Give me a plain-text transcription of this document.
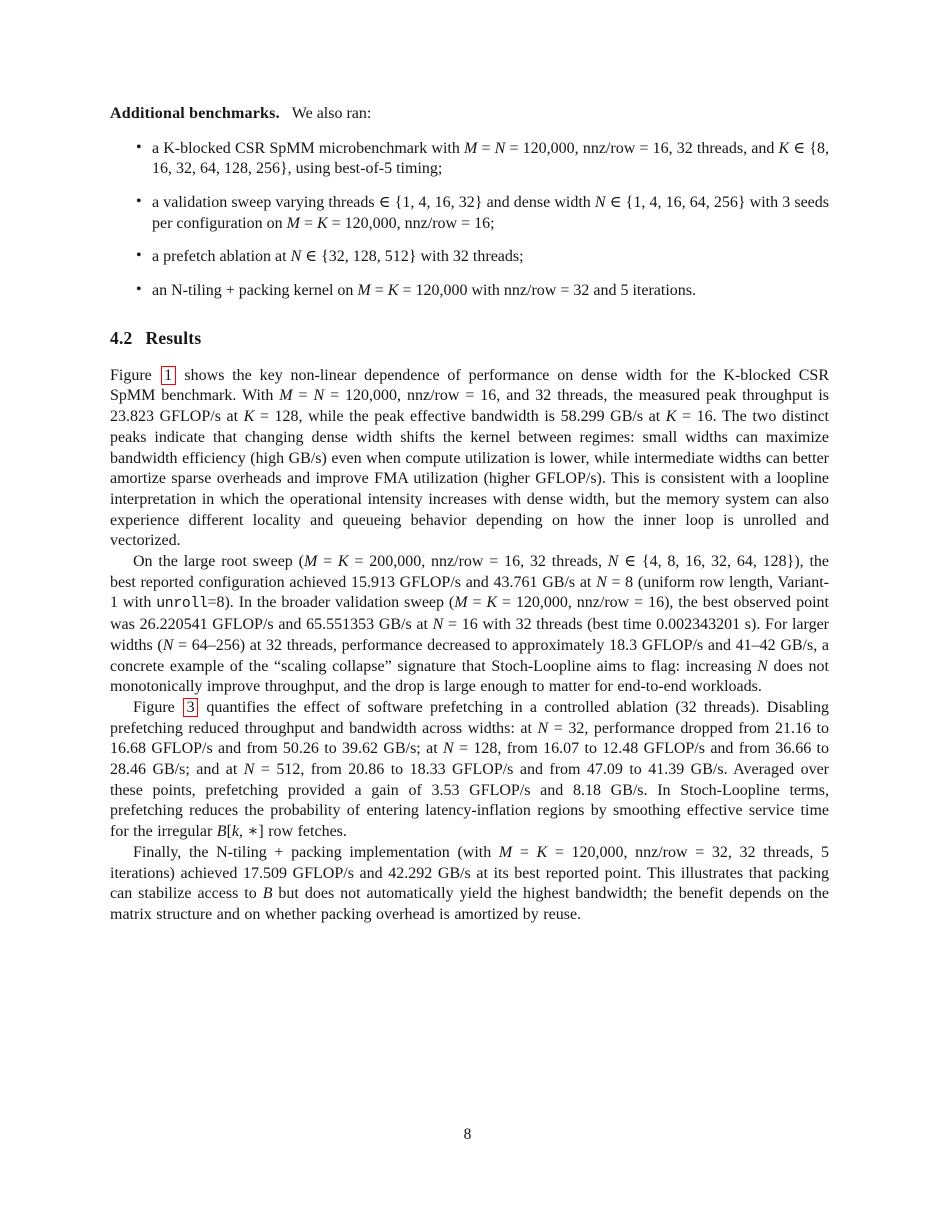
Additional benchmarks. We also ran:

• a K-blocked CSR SpMM microbenchmark with M = N = 120,000, nnz/row = 16, 32 threads, and K ∈ {8, 16, 32, 64, 128, 256}, using best-of-5 timing;
• a validation sweep varying threads ∈ {1, 4, 16, 32} and dense width N ∈ {1, 4, 16, 64, 256} with 3 seeds per configuration on M = K = 120,000, nnz/row = 16;
• a prefetch ablation at N ∈ {32, 128, 512} with 32 threads;
• an N-tiling + packing kernel on M = K = 120,000 with nnz/row = 32 and 5 iterations.
4.2 Results

Figure 1 shows the key non-linear dependence of performance on dense width for the K-blocked CSR SpMM benchmark. With M = N = 120,000, nnz/row = 16, and 32 threads, the measured peak throughput is 23.823 GFLOP/s at K = 128, while the peak effective bandwidth is 58.299 GB/s at K = 16. The two distinct peaks indicate that changing dense width shifts the kernel between regimes: small widths can maximize bandwidth efficiency (high GB/s) even when compute utilization is lower, while intermediate widths can better amortize sparse overheads and improve FMA utilization (higher GFLOP/s). This is consistent with a loopline interpretation in which the operational intensity increases with dense width, but the memory system can also experience different locality and queueing behavior depending on how the inner loop is unrolled and vectorized.

On the large root sweep (M = K = 200,000, nnz/row = 16, 32 threads, N ∈ {4, 8, 16, 32, 64, 128}), the best reported configuration achieved 15.913 GFLOP/s and 43.761 GB/s at N = 8 (uniform row length, Variant-1 with unroll=8). In the broader validation sweep (M = K = 120,000, nnz/row = 16), the best observed point was 26.220541 GFLOP/s and 65.551353 GB/s at N = 16 with 32 threads (best time 0.002343201 s). For larger widths (N = 64–256) at 32 threads, performance decreased to approximately 18.3 GFLOP/s and 41–42 GB/s, a concrete example of the “scaling collapse” signature that Stoch-Loopline aims to flag: increasing N does not monotonically improve throughput, and the drop is large enough to matter for end-to-end workloads.

Figure 3 quantifies the effect of software prefetching in a controlled ablation (32 threads). Disabling prefetching reduced throughput and bandwidth across widths: at N = 32, performance dropped from 21.16 to 16.68 GFLOP/s and from 50.26 to 39.62 GB/s; at N = 128, from 16.07 to 12.48 GFLOP/s and from 36.66 to 28.46 GB/s; and at N = 512, from 20.86 to 18.33 GFLOP/s and from 47.09 to 41.39 GB/s. Averaged over these points, prefetching provided a gain of 3.53 GFLOP/s and 8.18 GB/s. In Stoch-Loopline terms, prefetching reduces the probability of entering latency-inflation regions by smoothing effective service time for the irregular B[k, ∗] row fetches.

Finally, the N-tiling + packing implementation (with M = K = 120,000, nnz/row = 32, 32 threads, 5 iterations) achieved 17.509 GFLOP/s and 42.292 GB/s at its best reported point. This illustrates that packing can stabilize access to B but does not automatically yield the highest bandwidth; the benefit depends on the matrix structure and on whether packing overhead is amortized by reuse.

8
